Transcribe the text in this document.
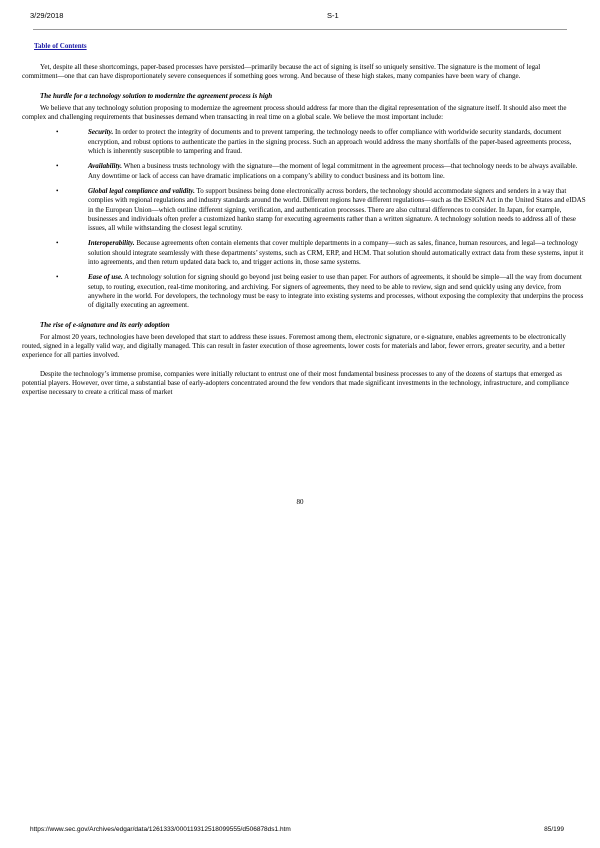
3/29/2018	S-1
Table of Contents

Yet, despite all these shortcomings, paper-based processes have persisted—primarily because the act of signing is itself so uniquely sensitive. The signature is the moment of legal commitment—one that can have disproportionately severe consequences if something goes wrong. And because of these high stakes, many companies have been wary of change.

The hurdle for a technology solution to modernize the agreement process is high

We believe that any technology solution proposing to modernize the agreement process should address far more than the digital representation of the signature itself. It should also meet the complex and challenging requirements that businesses demand when transacting in real time on a global scale. We believe the most important include:

•	Security. In order to protect the integrity of documents and to prevent tampering, the technology needs to offer compliance with worldwide security standards, document encryption, and robust options to authenticate the parties in the signing process. Such an approach would address the many shortfalls of the paper-based agreements process, which is inherently susceptible to tampering and fraud.
•	Availability. When a business trusts technology with the signature—the moment of legal commitment in the agreement process—that technology needs to be always available. Any downtime or lack of access can have dramatic implications on a company’s ability to conduct business and its bottom line.
•	Global legal compliance and validity. To support business being done electronically across borders, the technology should accommodate signers and senders in a way that complies with regional regulations and industry standards around the world. Different regions have different regulations—such as the ESIGN Act in the United States and eIDAS in the European Union—which outline different signing, verification, and authentication processes. There are also cultural differences to consider. In Japan, for example, businesses and individuals often prefer a customized hanko stamp for executing agreements rather than a written signature. A technology solution needs to address all of these issues, all while withstanding the closest legal scrutiny.
•	Interoperability. Because agreements often contain elements that cover multiple departments in a company—such as sales, finance, human resources, and legal—a technology solution should integrate seamlessly with these departments’ systems, such as CRM, ERP, and HCM. That solution should automatically extract data from these systems, input it into agreements, and then return updated data back to, and trigger actions in, those same systems.
•	Ease of use. A technology solution for signing should go beyond just being easier to use than paper. For authors of agreements, it should be simple—all the way from document setup, to routing, execution, real-time monitoring, and archiving. For signers of agreements, they need to be able to review, sign and send quickly using any device, from anywhere in the world. For developers, the technology must be easy to integrate into existing systems and processes, without exposing the complexity that underpins the process of digitally executing an agreement.

The rise of e-signature and its early adoption

For almost 20 years, technologies have been developed that start to address these issues. Foremost among them, electronic signature, or e-signature, enables agreements to be electronically routed, signed in a legally valid way, and digitally managed. This can result in faster execution of those agreements, lower costs for materials and labor, fewer errors, greater security, and a better experience for all parties involved.

Despite the technology’s immense promise, companies were initially reluctant to entrust one of their most fundamental business processes to any of the dozens of startups that emerged as potential players. However, over time, a substantial base of early-adopters concentrated around the few vendors that made significant investments in the technology, infrastructure, and compliance expertise necessary to create a critical mass of market

80
https://www.sec.gov/Archives/edgar/data/1261333/000119312518099555/d506878ds1.htm	85/199
